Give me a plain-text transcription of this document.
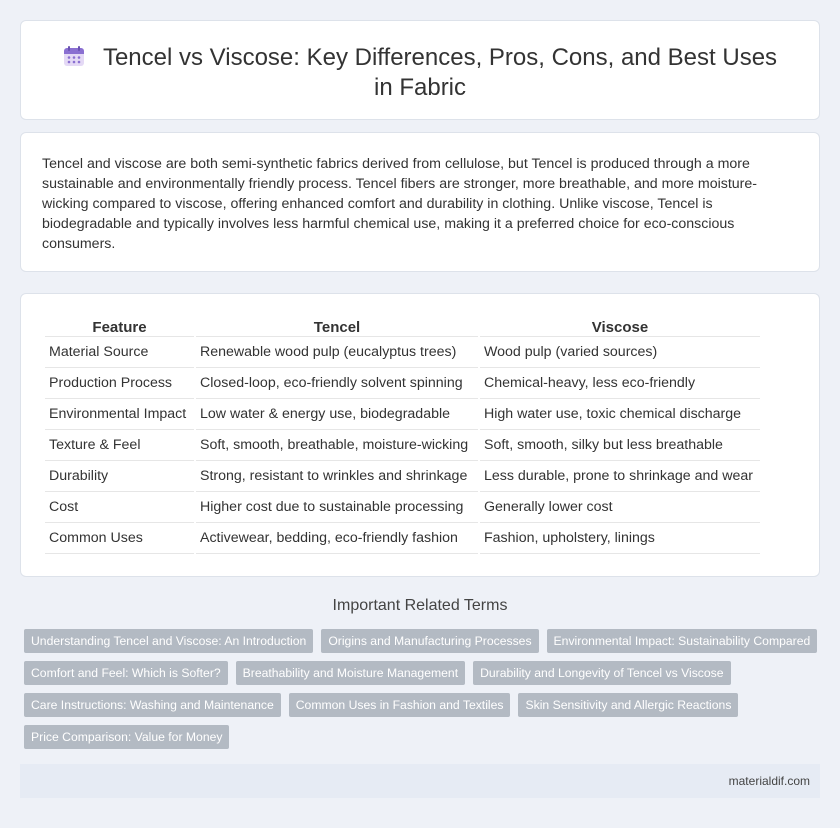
Tencel vs Viscose: Key Differences, Pros, Cons, and Best Uses in Fabric

Tencel and viscose are both semi-synthetic fabrics derived from cellulose, but Tencel is produced through a more sustainable and environmentally friendly process. Tencel fibers are stronger, more breathable, and more moisture-wicking compared to viscose, offering enhanced comfort and durability in clothing. Unlike viscose, Tencel is biodegradable and typically involves less harmful chemical use, making it a preferred choice for eco-conscious consumers.

Feature	Tencel	Viscose
Material Source	Renewable wood pulp (eucalyptus trees)	Wood pulp (varied sources)
Production Process	Closed-loop, eco-friendly solvent spinning	Chemical-heavy, less eco-friendly
Environmental Impact	Low water & energy use, biodegradable	High water use, toxic chemical discharge
Texture & Feel	Soft, smooth, breathable, moisture-wicking	Soft, smooth, silky but less breathable
Durability	Strong, resistant to wrinkles and shrinkage	Less durable, prone to shrinkage and wear
Cost	Higher cost due to sustainable processing	Generally lower cost
Common Uses	Activewear, bedding, eco-friendly fashion	Fashion, upholstery, linings
Important Related Terms
Understanding Tencel and Viscose: An Introduction	Origins and Manufacturing Processes	Environmental Impact: Sustainability Compared
Comfort and Feel: Which is Softer?	Breathability and Moisture Management	Durability and Longevity of Tencel vs Viscose
Care Instructions: Washing and Maintenance	Common Uses in Fashion and Textiles	Skin Sensitivity and Allergic Reactions
Price Comparison: Value for Money
materialdif.com
